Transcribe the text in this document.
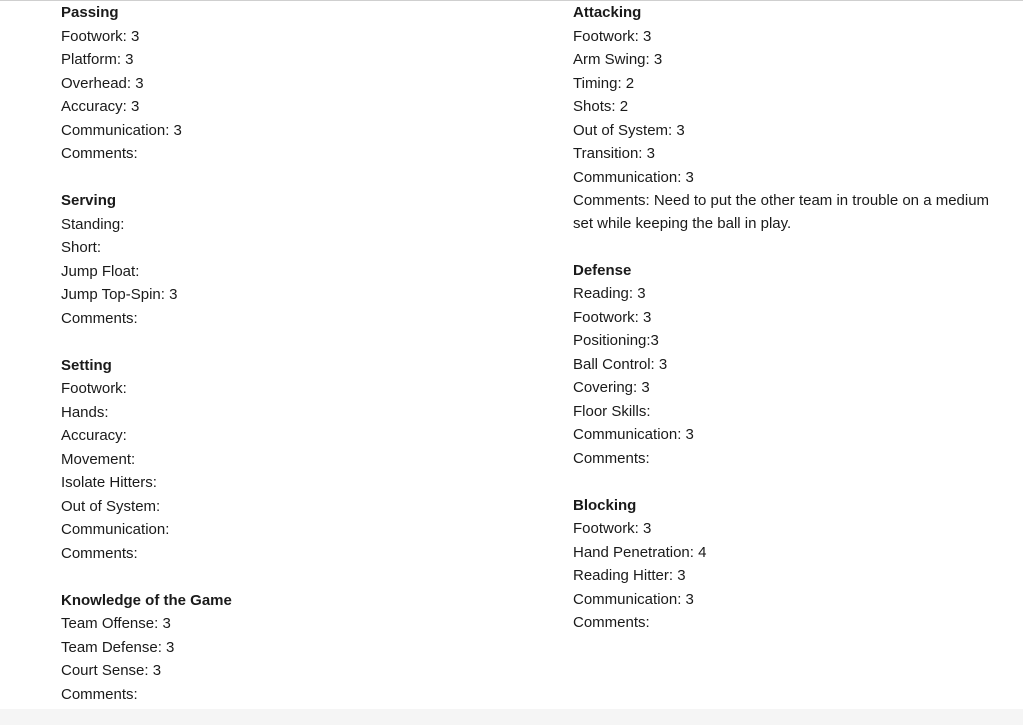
Passing
Footwork: 3
Platform: 3
Overhead: 3
Accuracy: 3
Communication: 3
Comments:
Serving
Standing:
Short:
Jump Float:
Jump Top-Spin: 3
Comments:
Setting
Footwork:
Hands:
Accuracy:
Movement:
Isolate Hitters:
Out of System:
Communication:
Comments:
Knowledge of the Game
Team Offense: 3
Team Defense: 3
Court Sense: 3
Comments:
Attacking
Footwork: 3
Arm Swing: 3
Timing: 2
Shots: 2
Out of System: 3
Transition: 3
Communication: 3
Comments: Need to put the other team in trouble on a medium set while keeping the ball in play.
Defense
Reading: 3
Footwork: 3
Positioning:3
Ball Control: 3
Covering: 3
Floor Skills:
Communication: 3
Comments:
Blocking
Footwork: 3
Hand Penetration: 4
Reading Hitter: 3
Communication: 3
Comments:
